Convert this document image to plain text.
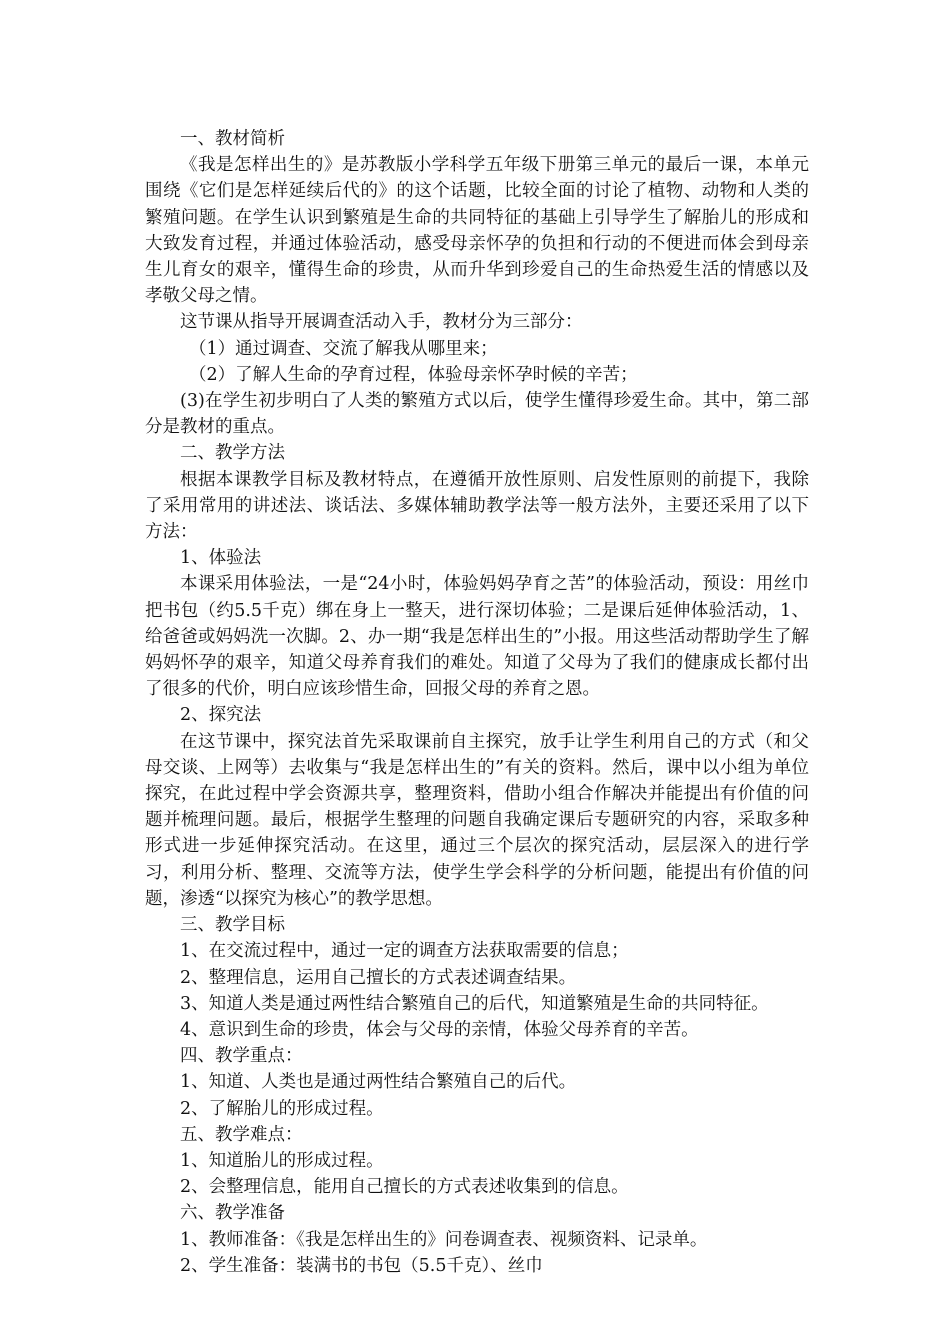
一、教材简析

《我是怎样出生的》是苏教版小学科学五年级下册第三单元的最后一课，本单元围绕《它们是怎样延续后代的》的这个话题，比较全面的讨论了植物、动物和人类的繁殖问题。在学生认识到繁殖是生命的共同特征的基础上引导学生了解胎儿的形成和大致发育过程，并通过体验活动，感受母亲怀孕的负担和行动的不便进而体会到母亲生儿育女的艰辛，懂得生命的珍贵，从而升华到珍爱自己的生命热爱生活的情感以及孝敬父母之情。

这节课从指导开展调查活动入手，教材分为三部分：

（1）通过调查、交流了解我从哪里来；

（2）了解人生命的孕育过程，体验母亲怀孕时候的辛苦；

(3)在学生初步明白了人类的繁殖方式以后，使学生懂得珍爱生命。其中，第二部分是教材的重点。

二、教学方法

根据本课教学目标及教材特点，在遵循开放性原则、启发性原则的前提下，我除了采用常用的讲述法、谈话法、多媒体辅助教学法等一般方法外，主要还采用了以下方法：

1、体验法

本课采用体验法，一是“24小时，体验妈妈孕育之苦”的体验活动，预设：用丝巾把书包（约5.5千克）绑在身上一整天，进行深切体验；二是课后延伸体验活动，1、给爸爸或妈妈洗一次脚。2、办一期“我是怎样出生的”小报。用这些活动帮助学生了解妈妈怀孕的艰辛，知道父母养育我们的难处。知道了父母为了我们的健康成长都付出了很多的代价，明白应该珍惜生命，回报父母的养育之恩。

2、探究法

在这节课中，探究法首先采取课前自主探究，放手让学生利用自己的方式（和父母交谈、上网等）去收集与“我是怎样出生的”有关的资料。然后，课中以小组为单位探究，在此过程中学会资源共享，整理资料，借助小组合作解决并能提出有价值的问题并梳理问题。最后，根据学生整理的问题自我确定课后专题研究的内容，采取多种形式进一步延伸探究活动。在这里，通过三个层次的探究活动，层层深入的进行学习，利用分析、整理、交流等方法，使学生学会科学的分析问题，能提出有价值的问题，渗透“以探究为核心”的教学思想。

三、教学目标

1、在交流过程中，通过一定的调查方法获取需要的信息；

2、整理信息，运用自己擅长的方式表述调查结果。

3、知道人类是通过两性结合繁殖自己的后代，知道繁殖是生命的共同特征。

4、意识到生命的珍贵，体会与父母的亲情，体验父母养育的辛苦。

四、教学重点：

1、知道、人类也是通过两性结合繁殖自己的后代。

2、了解胎儿的形成过程。

五、教学难点：

1、知道胎儿的形成过程。

2、会整理信息，能用自己擅长的方式表述收集到的信息。

六、教学准备

1、教师准备：《我是怎样出生的》问卷调查表、视频资料、记录单。

2、学生准备：装满书的书包（5.5千克）、丝巾
